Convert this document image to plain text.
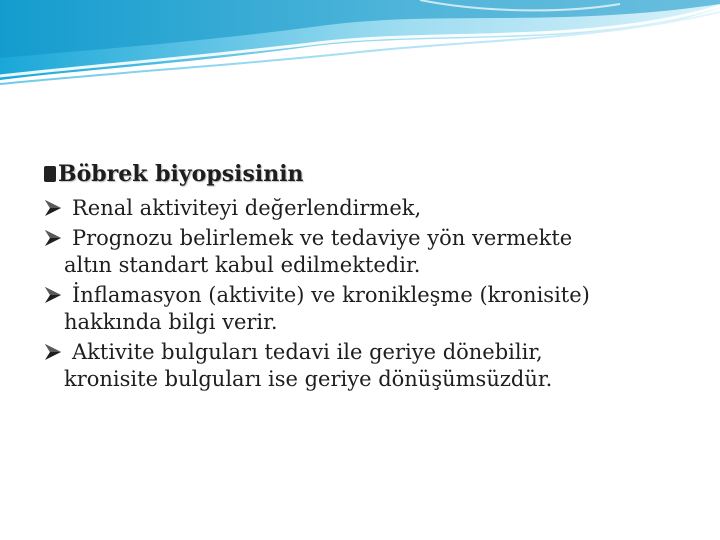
Böbrek biyopsisinin
Renal aktiviteyi değerlendirmek,
Prognozu belirlemek ve tedaviye yön vermekte
altın standart kabul edilmektedir.
İnflamasyon (aktivite) ve kronikleşme (kronisite)
hakkında bilgi verir.
Aktivite bulguları tedavi ile geriye dönebilir,
kronisite bulguları ise geriye dönüşümsüzdür.
